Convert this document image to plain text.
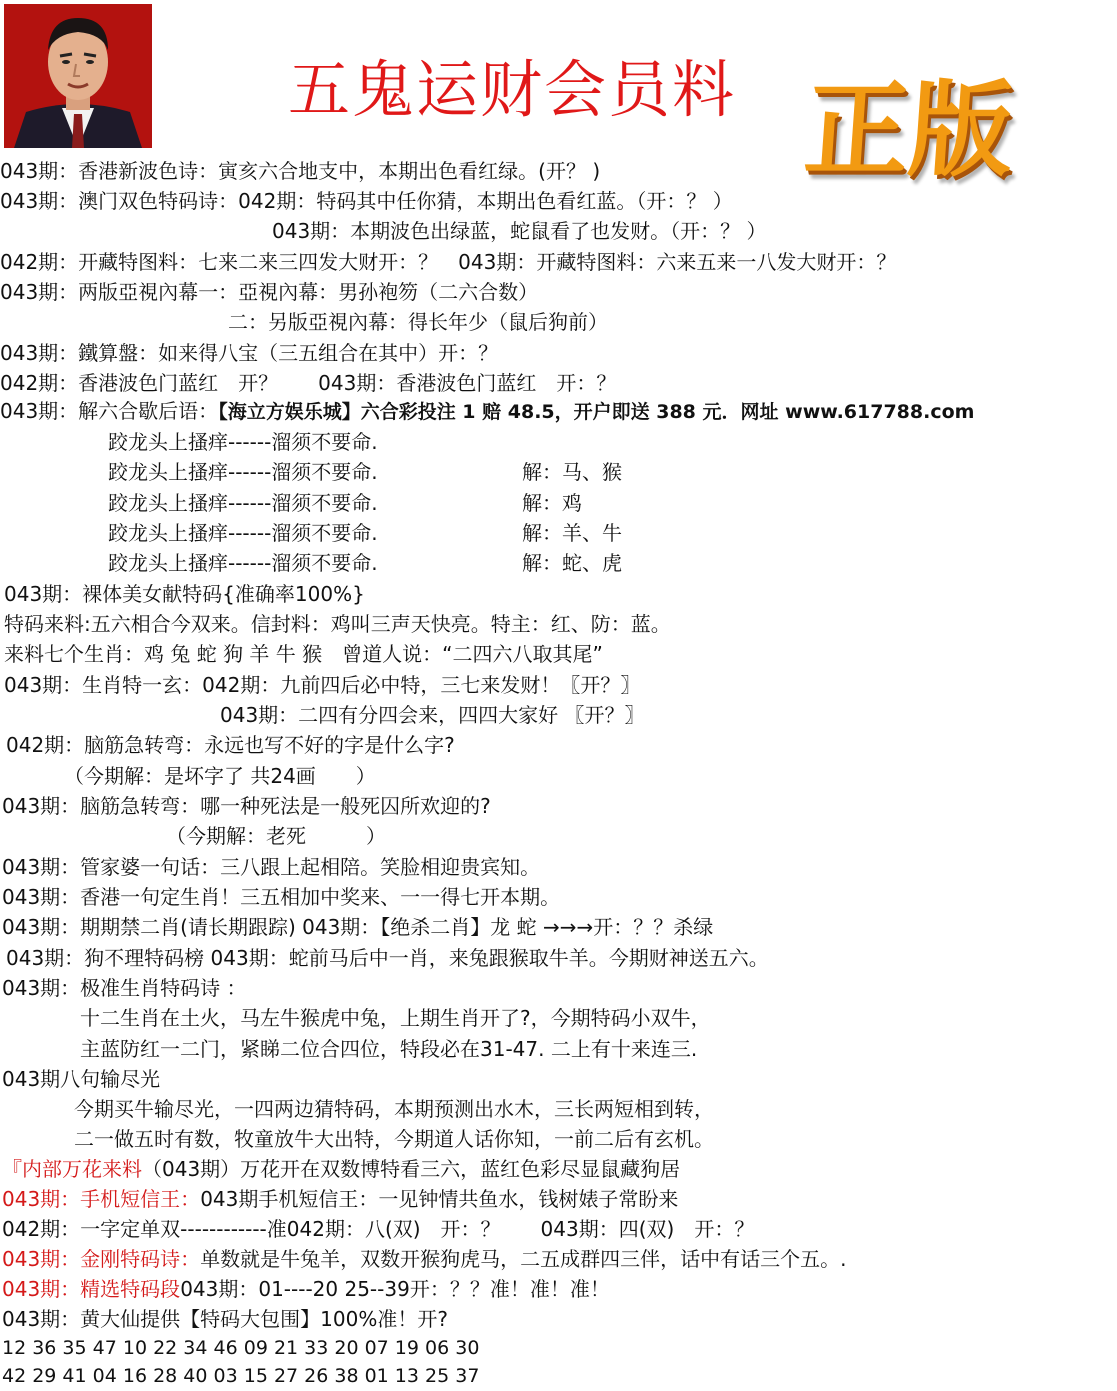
五鬼运财会员料 正版
043期：香港新波色诗：寅亥六合地支中，本期出色看红绿。(开？ )
043期：澳门双色特码诗：042期：特码其中任你猜，本期出色看红蓝。（开：？ ）
043期：本期波色出绿蓝，蛇鼠看了也发财。（开：？ ）
042期：开藏特图料：七来二来三四发大财开：？　043期：开藏特图料：六来五来一八发大财开：？
043期：两版亞視內幕一：亞視內幕：男孙袍笏（二六合数）
二：另版亞視內幕：得长年少（鼠后狗前）
043期：鐵算盤：如来得八宝（三五组合在其中）开：？
042期：香港波色门蓝红　开？　　043期：香港波色门蓝红　开：？
043期：解六合歇后语：【海立方娱乐城】六合彩投注 1 赔 48.5，开户即送 388 元．网址 www.617788.com
跤龙头上搔痒------溜须不要命.
跤龙头上搔痒------溜须不要命.	解：马、猴
跤龙头上搔痒------溜须不要命.	解：鸡
跤龙头上搔痒------溜须不要命.	解：羊、牛
跤龙头上搔痒------溜须不要命.	解：蛇、虎
043期：裸体美女献特码{准确率100%}
特码来料:五六相合今双来。信封料：鸡叫三声天快亮。特主：红、防：蓝。
来料七个生肖：鸡 兔 蛇 狗 羊 牛 猴　曾道人说：“二四六八取其尾”
043期：生肖特一玄：042期：九前四后必中特，三七来发财！〖开？〗
043期：二四有分四会来，四四大家好 〖开？〗
042期：脑筋急转弯：永远也写不好的字是什么字?
（今期解：是坏字了 共24画　　）
043期：脑筋急转弯：哪一种死法是一般死囚所欢迎的?
（今期解：老死　　　）
043期：管家婆一句话：三八跟上起相陪。笑脸相迎贵宾知。
043期：香港一句定生肖！三五相加中奖来、一一得七开本期。
043期：期期禁二肖(请长期跟踪) 043期：【绝杀二肖】龙 蛇 →→→开：？？杀绿
043期：狗不理特码榜 043期：蛇前马后中一肖，来兔跟猴取牛羊。今期财神送五六。
043期：极准生肖特码诗 ：
十二生肖在土火，马左牛猴虎中兔，上期生肖开了?，今期特码小双牛，
主蓝防红一二门，紧睇二位合四位，特段必在31-47. 二上有十来连三.
043期八句输尽光
今期买牛输尽光，一四两边猜特码，本期预测出水木，三长两短相到转，
二一做五时有数，牧童放牛大出特，今期道人话你知，一前二后有玄机。
『内部万花来料（043期）万花开在双数博特看三六，蓝红色彩尽显鼠藏狗居
043期：手机短信王：043期手机短信王：一见钟情共鱼水，钱树婊子常盼来
042期：一字定单双------------准042期：八(双)　开：？　　043期：四(双)　开：？
043期：金刚特码诗：单数就是牛兔羊，双数开猴狗虎马，二五成群四三伴，话中有话三个五。.
043期：精选特码段043期：01----20 25--39开：？？准！准！准！
043期：黄大仙提供【特码大包围】100%准！开?
12 36 35 47 10 22 34 46 09 21 33 20 07 19 06 30
42 29 41 04 16 28 40 03 15 27 26 38 01 13 25 37
